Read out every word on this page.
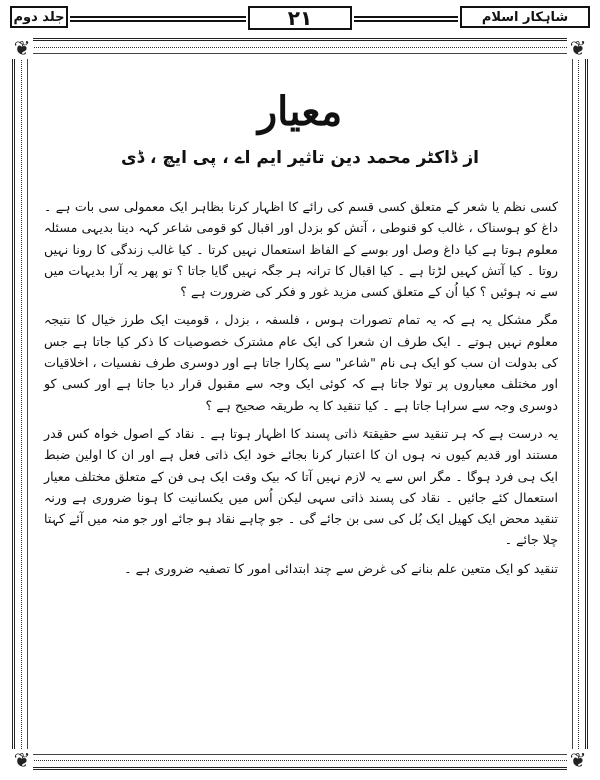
جلد دوم	۲۱	شاہکار اسلام
❦	❦
❦	❦
معیار
از ڈاکٹر محمد دین تاثیر ایم اے ، پی ایچ ، ڈی

کسی نظم یا شعر کے متعلق کسی قسم کی رائے کا اظہار کرنا بظاہر ایک معمولی سی بات ہے ۔ داغ کو ہوسناک ، غالب کو قنوطی ، آتش کو بزدل اور اقبال کو قومی شاعر کہہ دینا بدیہی مسئلہ معلوم ہوتا ہے کیا داغ وصل اور بوسے کے الفاظ استعمال نہیں کرتا ۔ کیا غالب زندگی کا رونا نہیں روتا ۔ کیا آتش کہیں لڑتا ہے ۔ کیا اقبال کا ترانہ ہر جگہ نہیں گایا جاتا ؟ تو پھر یہ آرا بدیہات میں سے نہ ہوئیں ؟ کیا اُن کے متعلق کسی مزید غور و فکر کی ضرورت ہے ؟

مگر مشکل یہ ہے کہ یہ تمام تصورات ہوس ، فلسفہ ، بزدل ، قومیت ایک طرز خیال کا نتیجہ معلوم نہیں ہوتے ۔ ایک طرف ان شعرا کی ایک عام مشترک خصوصیات کا ذکر کیا جاتا ہے جس کی بدولت ان سب کو ایک ہی نام "شاعر" سے پکارا جاتا ہے اور دوسری طرف نفسیات ، اخلاقیات اور مختلف معیاروں پر تولا جاتا ہے کہ کوئی ایک وجہ سے مقبول قرار دیا جاتا ہے اور کسی کو دوسری وجہ سے سراہا جاتا ہے ۔ کیا تنقید کا یہ طریقہ صحیح ہے ؟

یہ درست ہے کہ ہر تنقید سے حقیقتہً ذاتی پسند کا اظہار ہوتا ہے ۔ نقاد کے اصول خواہ کس قدر مستند اور قدیم کیوں نہ ہوں ان کا اعتبار کرنا بجائے خود ایک ذاتی فعل ہے اور ان کا اولین ضبط ایک ہی فرد ہوگا ۔ مگر اس سے یہ لازم نہیں آتا کہ بیک وقت ایک ہی فن کے متعلق مختلف معیار استعمال کئے جائیں ۔ نقاد کی پسند ذاتی سہی لیکن اُس میں یکسانیت کا ہونا ضروری ہے ورنہ تنقید محض ایک کھیل ایک بُل کی سی بن جائے گی ۔ جو چاہے نقاد ہو جائے اور جو منہ میں آئے کہتا چلا جائے ۔

تنقید کو ایک متعین علم بنانے کی غرض سے چند ابتدائی امور کا تصفیہ ضروری ہے ۔
